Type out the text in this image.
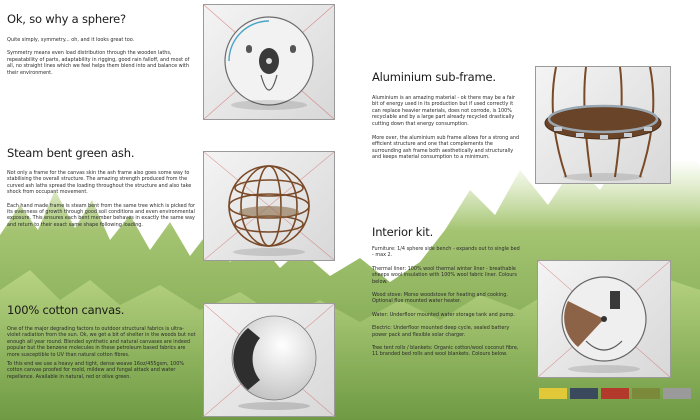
Ok, so why a sphere?

Quite simply, symmetry... oh, and it looks great too.

Symmetry means even load distribution through the wooden laths, repeatability of parts, adaptability in rigging, good rain falloff, and most of all, no straight lines which we feel helps them blend into and balance with their environment.

Steam bent green ash.

Not only a frame for the canvas skin the ash frame also goes some way to stabilising the overall structure. The amazing strength produced from the curved ash laths spread the loading throughout the structure and also take shock from occupant movement.

Each hand made frame is steam bent from the same tree which is picked for its evenness of growth through good soil conditions and even environmental exposure. This ensures each bent member behaves in exactly the same way and return to their exact same shape following loading.

100% cotton canvas.

One of the major degrading factors to outdoor structural fabrics is ultra-violet radiation from the sun. Ok, we get a bit of shelter in the woods but not enough all year round. Blended synthetic and natural canvases are indeed popular but the benzene molecules in these petroleum based fabrics are more susceptible to UV than natural cotton fibres.

To this end we use a heavy and tight, dense weave 16oz/455gsm, 100% cotton canvas proofed for mold, mildew and fungal attack and water repellence. Available in natural, red or olive green.

Aluminium sub-frame.

Aluminium is an amazing material - ok there may be a fair bit of energy used in its production but if used correctly it can replace heavier materials, does not corrode, is 100% recyclable and by a large part already recycled drastically cutting down that energy consumption.

More over, the aluminium sub frame allows for a strong and efficient structure and one that complements the surrounding ash frame both aesthetically and structurally and keeps material consumption to a minimum.

Interior kit.

Furniture: 1/4 sphere side bench - expands out to single bed - max 2.

Thermal liner: 100% wool thermal winter liner - breathable sheeps wool insulation with 100% wool fabric liner. Colours below.

Wood stove: Morso woodstove for heating and cooking. Optional flue mounted water heater.

Water: Underfloor mounted water storage tank and pump.

Electric: Underfloor mounted deep cycle, sealed battery power pack and flexible solar charger.

Tree tent rolls / blankets: Organic cotton/wool coconut fibre, 11 branded bed rolls and wool blankets. Colours below.
